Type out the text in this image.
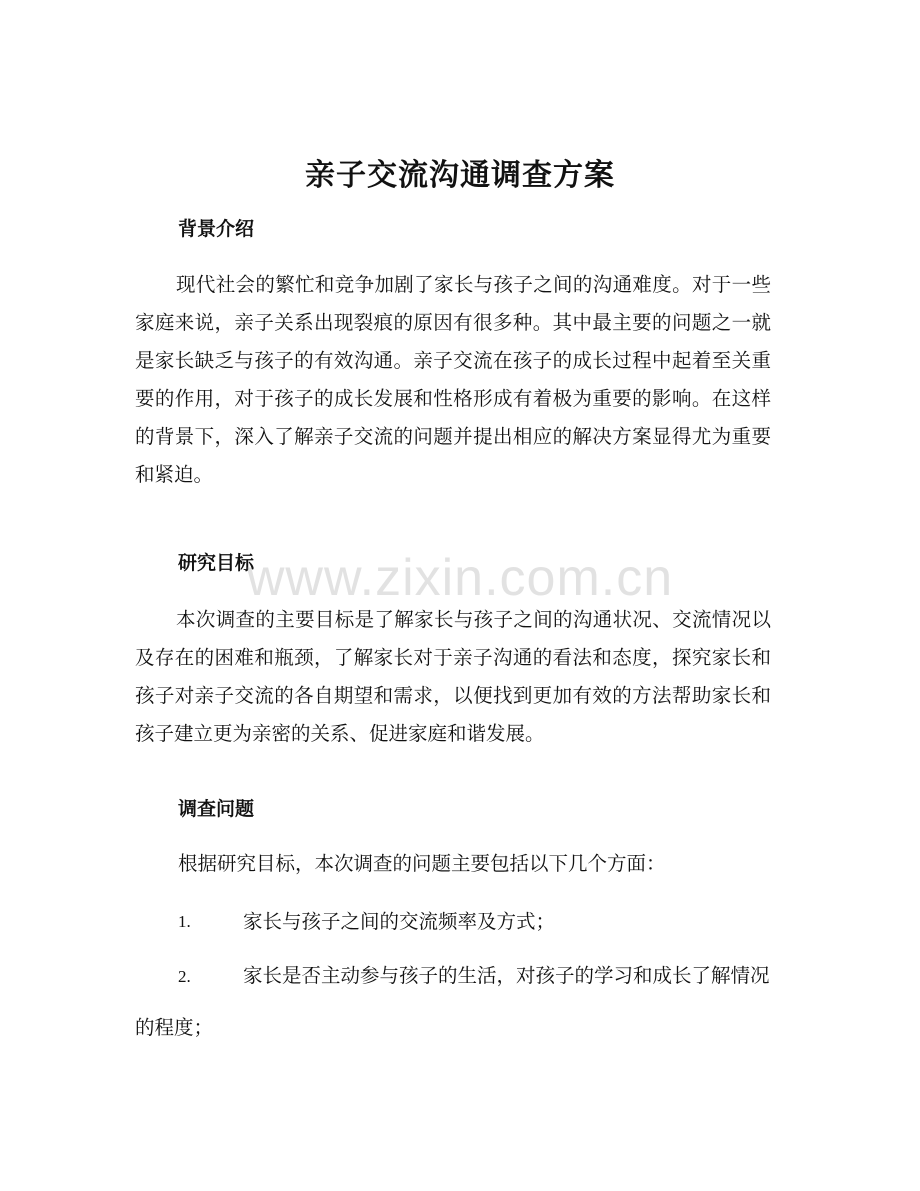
亲子交流沟通调查方案
背景介绍

现代社会的繁忙和竞争加剧了家长与孩子之间的沟通难度。对于一些家庭来说，亲子关系出现裂痕的原因有很多种。其中最主要的问题之一就是家长缺乏与孩子的有效沟通。亲子交流在孩子的成长过程中起着至关重要的作用，对于孩子的成长发展和性格形成有着极为重要的影响。在这样的背景下，深入了解亲子交流的问题并提出相应的解决方案显得尤为重要和紧迫。

研究目标

本次调查的主要目标是了解家长与孩子之间的沟通状况、交流情况以及存在的困难和瓶颈，了解家长对于亲子沟通的看法和态度，探究家长和孩子对亲子交流的各自期望和需求，以便找到更加有效的方法帮助家长和孩子建立更为亲密的关系、促进家庭和谐发展。

调查问题
根据研究目标，本次调查的问题主要包括以下几个方面：
1.	家长与孩子之间的交流频率及方式；

2.	家长是否主动参与孩子的生活，对孩子的学习和成长了解情况的程度；

www.zixin.com.cn
